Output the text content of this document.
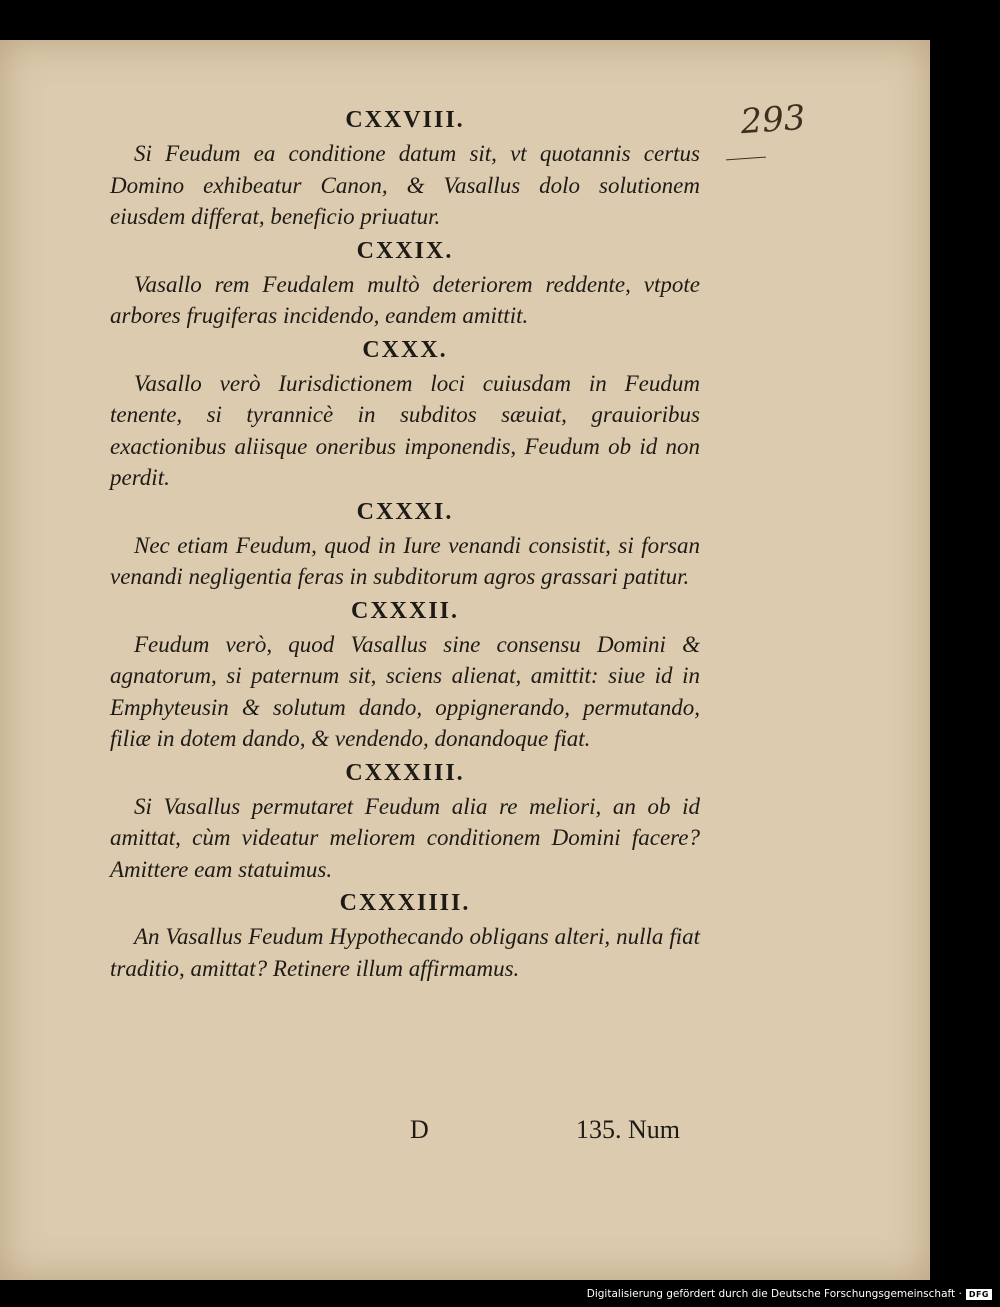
293
CXXVIII.

Si Feudum ea conditione datum sit, vt quotannis certus Domino exhibeatur Canon, & Vasallus dolo solutionem eiusdem differat, beneficio priuatur.

CXXIX.

Vasallo rem Feudalem multò deteriorem reddente, vtpote arbores frugiferas incidendo, eandem amittit.

CXXX.

Vasallo verò Iurisdictionem loci cuiusdam in Feudum tenente, si tyrannicè in subditos sæuiat, grauioribus exactionibus aliisque oneribus imponendis, Feudum ob id non perdit.

CXXXI.

Nec etiam Feudum, quod in Iure venandi consistit, si forsan venandi negligentia feras in subditorum agros grassari patitur.

CXXXII.

Feudum verò, quod Vasallus sine consensu Domini & agnatorum, si paternum sit, sciens alienat, amittit: siue id in Emphyteusin & solutum dando, oppignerando, permutando, filiæ in dotem dando, & vendendo, donandoque fiat.

CXXXIII.

Si Vasallus permutaret Feudum alia re meliori, an ob id amittat, cùm videatur meliorem conditionem Domini facere? Amittere eam statuimus.

CXXXIIII.

An Vasallus Feudum Hypothecando obligans alteri, nulla fiat traditio, amittat? Retinere illum affirmamus.

D	135. Num
Digitalisierung gefördert durch die Deutsche Forschungsgemeinschaft · DFG
